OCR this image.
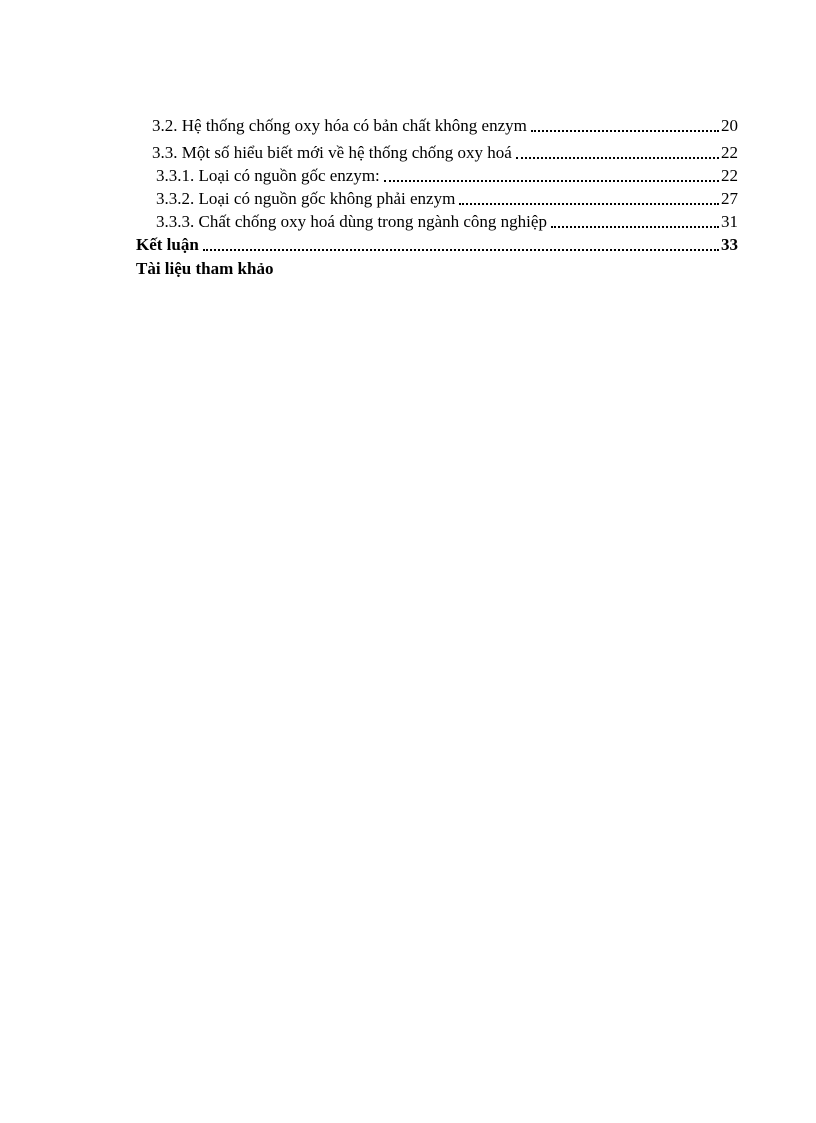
3.2. Hệ thống chống oxy hóa có bản chất không enzym	20
3.3. Một số hiểu biết mới về hệ thống chống oxy hoá	22
3.3.1. Loại có nguồn gốc enzym:	22
3.3.2. Loại có nguồn gốc không phải enzym	27
3.3.3. Chất chống oxy hoá dùng trong ngành công nghiệp	31
Kết luận	33
Tài liệu tham khảo
